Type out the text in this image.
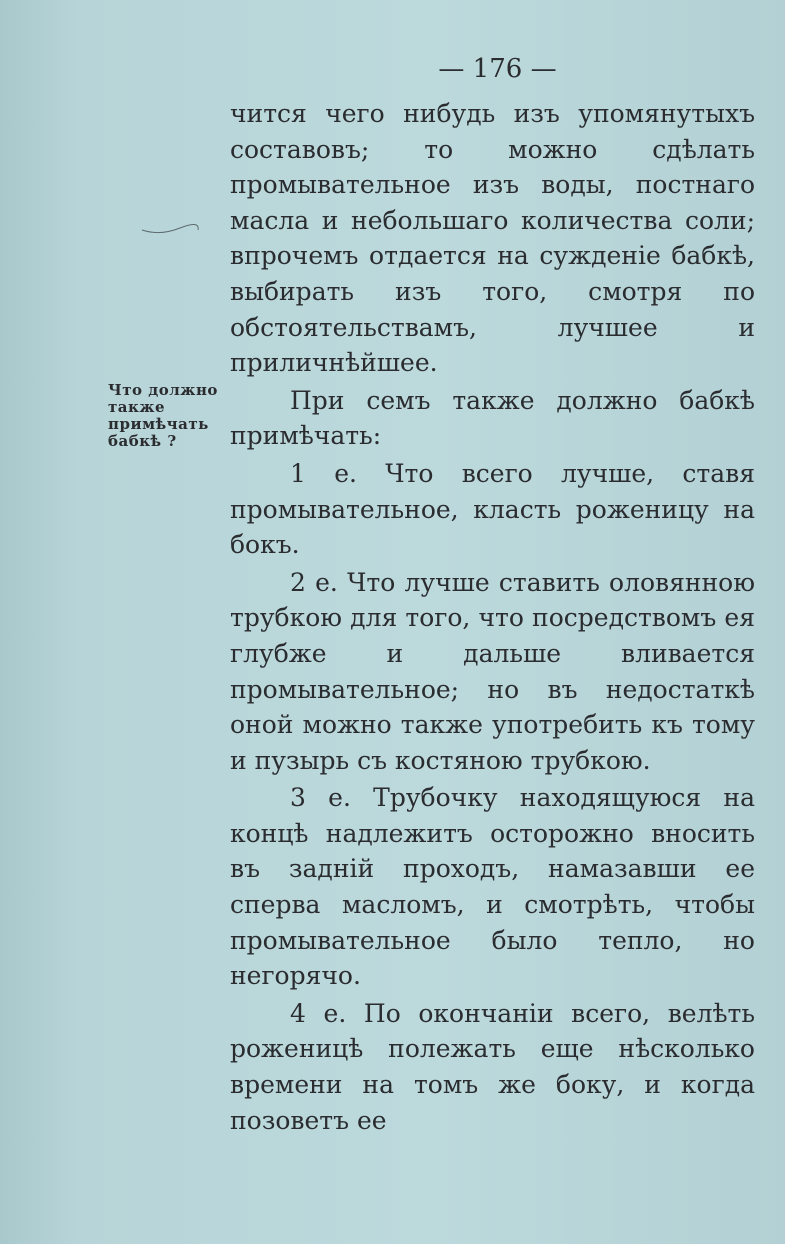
— 176 —
Что должно также примѣчать бабкѣ ?

чится чего нибудь изъ упомянутыхъ составовъ; то можно сдѣлать промывательное изъ воды, постнаго масла и небольшаго количества соли; впрочемъ отдается на сужденіе бабкѣ, выбирать изъ того, смотря по обстоятельствамъ, лучшее и приличнѣйшее.

При семъ также должно бабкѣ примѣчать:

1 е. Что всего лучше, ставя промывательное, класть роженицу на бокъ.

2 е. Что лучше ставить оловянною трубкою для того, что посредствомъ ея глубже и дальше вливается промывательное; но въ недостаткѣ оной можно также употребить къ тому и пузырь съ костяною трубкою.

3 е. Трубочку находящуюся на концѣ надлежитъ осторожно вносить въ задній проходъ, намазавши ее сперва масломъ, и смотрѣть, чтобы промывательное было тепло, но негорячо.

4 е. По окончаніи всего, велѣть роженицѣ полежать еще нѣсколько времени на томъ же боку, и когда позоветъ ее
